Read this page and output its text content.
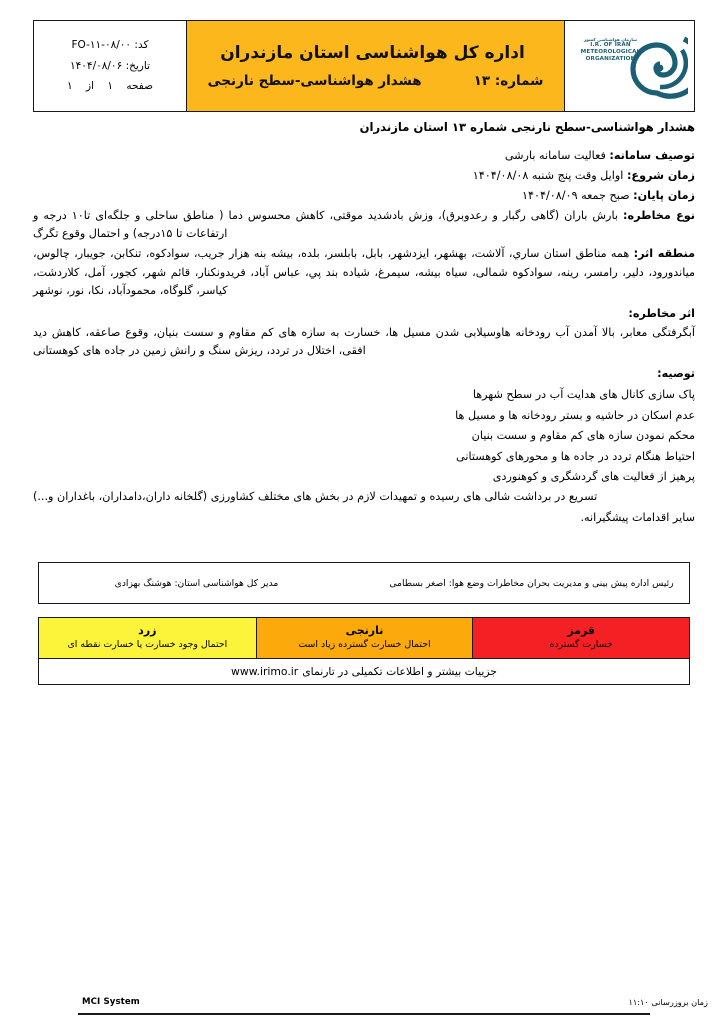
سازمان هواشناسی کشور
I.R. OF IRAN
METEOROLOGICAL
ORGANIZATION
اداره کل هواشناسی استان مازندران
شماره: ۱۳
هشدار هواشناسی-سطح نارنجی
کد: FO-۱۱-۰۸/۰۰
تاریخ: ۱۴۰۴/۰۸/۰۶
صفحه ۱ از ۱
هشدار هواشناسی-سطح نارنجی شماره ۱۳ استان مازندران
توصیف سامانه: فعالیت سامانه بارشی
زمان شروع: اوایل وقت پنج شنبه ۱۴۰۴/۰۸/۰۸
زمان پایان: صبح جمعه ۱۴۰۴/۰۸/۰۹
نوع مخاطره: بارش باران (گاهی رگبار و رعدوبرق)، وزش بادشدید موقتی، کاهش محسوس دما ( مناطق ساحلی و جلگه‌ای تا۱۰ درجه و ارتفاعات تا ۱۵درجه) و احتمال وقوع تگرگ
منطقه اثر: همه مناطق استان ساري، آلاشت، بهشهر، ایزدشهر، بابل، بابلسر، بلده، بیشه بنه هزار جریب، سوادکوه، تنکابن، جویبار، چالوس، میاندورود، دلیر، رامسر، رینه، سوادکوه شمالی، سیاه بیشه، سیمرغ، شیاده بند پي، عباس آباد، فریدونکنار، قائم شهر، کجور، آمل، کلاردشت، کیاسر، گلوگاه، محمودآباد، نکا، نور، نوشهر
اثر مخاطره:
آبگرفتگی معابر، بالا آمدن آب رودخانه هاوسیلابی شدن مسیل ها، خسارت به سازه های کم مقاوم و سست بنیان، وقوع صاعقه، کاهش دید افقی، اختلال در تردد، ریزش سنگ و رانش زمین در جاده های کوهستانی
توصیه:
پاک سازی کانال های هدایت آب در سطح شهرها
عدم اسکان در حاشیه و بستر رودخانه ها و مسیل ها
محکم نمودن سازه های کم مقاوم و سست بنیان
احتیاط هنگام تردد در جاده ها و محورهای کوهستانی
پرهیز از فعالیت های گردشگری و کوهنوردی
تسریع در برداشت شالی های رسیده و تمهیدات لازم در بخش های مختلف کشاورزی (گلخانه داران،دامداران، باغداران و...)
سایر اقدامات پیشگیرانه.
رئیس اداره پیش بینی و مدیریت بحران مخاطرات وضع هوا: اصغر بسطامی
مدیر کل هواشناسی استان: هوشنگ بهزادی
قرمز
خسارت گسترده
نارنجی
احتمال خسارت گسترده زیاد است
زرد
احتمال وجود خسارت یا خسارت نقطه ای
جزییات بیشتر و اطلاعات تکمیلی در تارنمای
www.irimo.ir
MCI System	زمان بروزرسانی ۱۱:۱۰
